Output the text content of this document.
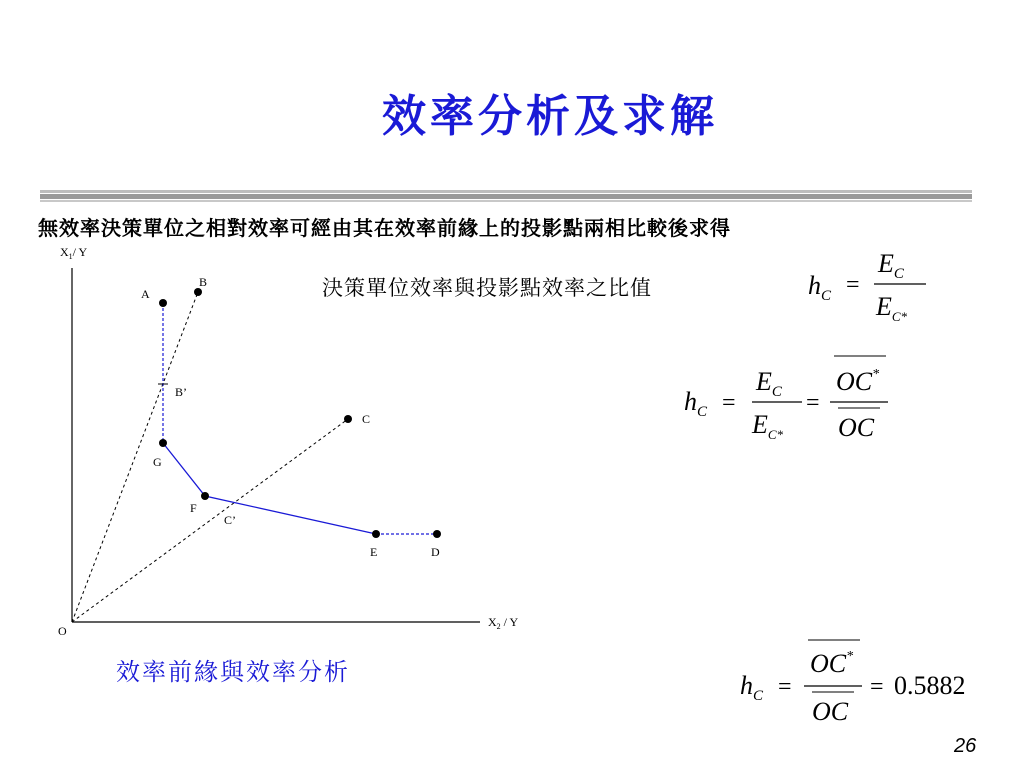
效率分析及求解
無效率決策單位之相對效率可經由其在效率前緣上的投影點兩相比較後求得
決策單位效率與投影點效率之比值
$X_1/$ Y
$X_2$ / Y
O
A
B
B’
C
G
F
C’
E	D
$h_C$ =
$E_C$
$E_{C*}$
$h_C$ =
$E_C$
$E_{C*}$
=
OC*
OC
$h_C$ =
OC*
OC
= 0.5882
效率前緣與效率分析
26
